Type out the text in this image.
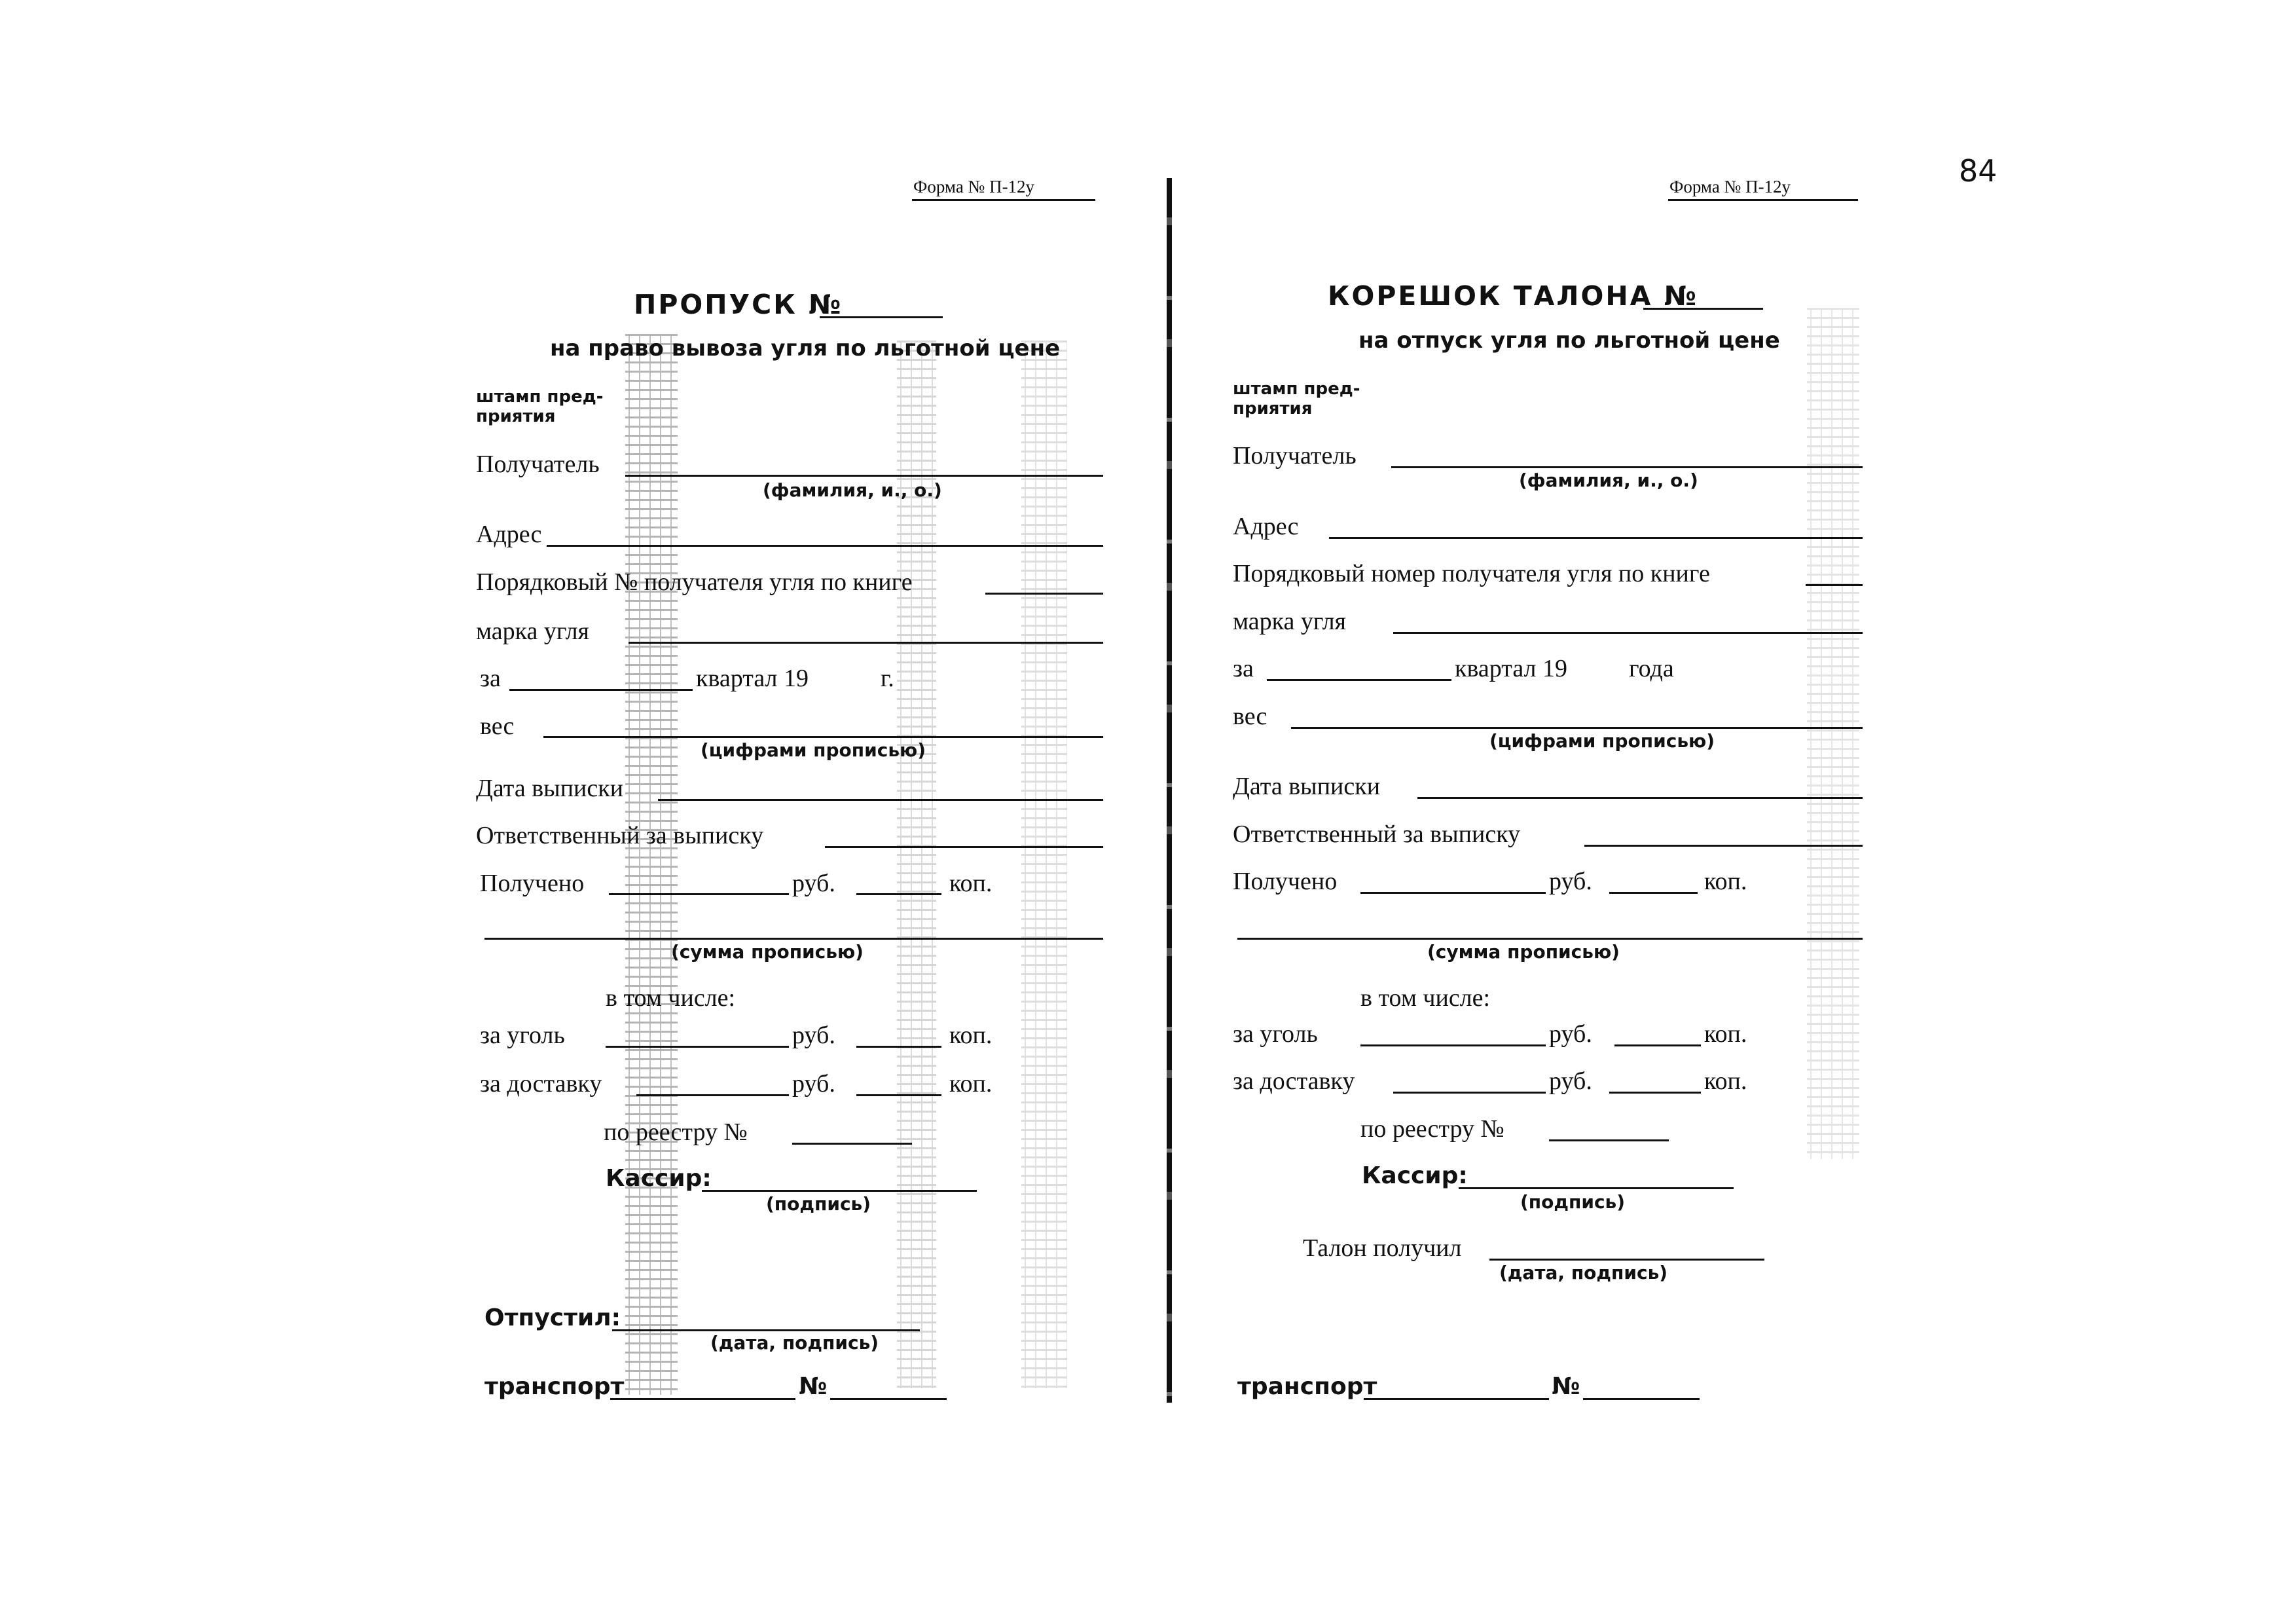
84
Форма № П-12у
ПРОПУСК №
на право вывоза угля по льготной цене
штамп пред-
приятия
Получатель
(фамилия, и., о.)
Адрес
Порядковый № получателя угля по книге
марка угля
за	квартал 19	г.
вес
(цифрами прописью)
Дата выписки
Ответственный за выписку
Получено	руб.	коп.
(сумма прописью)
в том числе:
за уголь	руб.	коп.
за доставку	руб.	коп.
по реестру №
Кассир:
(подпись)
Отпустил:
(дата, подпись)
транспорт	№
Форма № П-12у
КОРЕШОК ТАЛОНА №
на отпуск угля по льготной цене
штамп пред-
приятия
Получатель
(фамилия, и., о.)
Адрес
Порядковый номер получателя угля по книге
марка угля
за	квартал 19 года
вес
(цифрами прописью)
Дата выписки
Ответственный за выписку
Получено	руб.	коп.
(сумма прописью)
в том числе:
за уголь	руб.	коп.
за доставку	руб.	коп.
по реестру №
Кассир:
(подпись)
Талон получил
(дата, подпись)
транспорт	№
